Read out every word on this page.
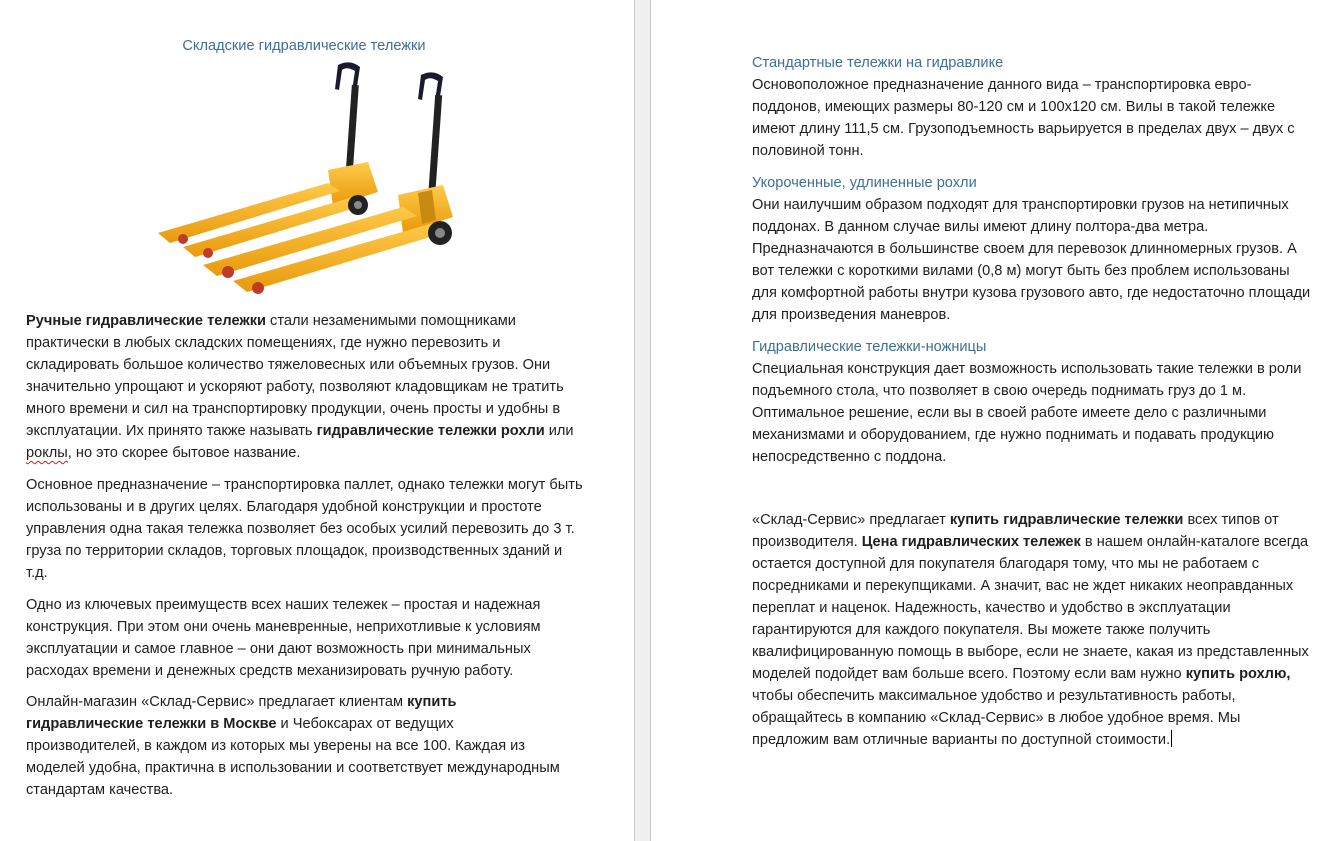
Складские гидравлические тележки

Ручные гидравлические тележки стали незаменимыми помощниками практически в любых складских помещениях, где нужно перевозить и складировать большое количество тяжеловесных или объемных грузов. Они значительно упрощают и ускоряют работу, позволяют кладовщикам не тратить много времени и сил на транспортировку продукции, очень просты и удобны в эксплуатации. Их принято также называть гидравлические тележки рохли или роклы, но это скорее бытовое название.

Основное предназначение – транспортировка паллет, однако тележки могут быть использованы и в других целях. Благодаря удобной конструкции и простоте управления одна такая тележка позволяет без особых усилий перевозить до 3 т. груза по территории складов, торговых площадок, производственных зданий и т.д.

Одно из ключевых преимуществ всех наших тележек – простая и надежная конструкция. При этом они очень маневренные, неприхотливые к условиям эксплуатации и самое главное – они дают возможность при минимальных расходах времени и денежных средств механизировать ручную работу.

Онлайн-магазин «Склад-Сервис» предлагает клиентам купить гидравлические тележки в Москве и Чебоксарах от ведущих производителей, в каждом из которых мы уверены на все 100. Каждая из моделей удобна, практична в использовании и соответствует международным стандартам качества.

Стандартные тележки на гидравлике

Основоположное предназначение данного вида – транспортировка евро-поддонов, имеющих размеры 80-120 см и 100х120 см. Вилы в такой тележке имеют длину 111,5 см. Грузоподъемность варьируется в пределах двух – двух с половиной тонн.

Укороченные, удлиненные рохли

Они наилучшим образом подходят для транспортировки грузов на нетипичных поддонах. В данном случае вилы имеют длину полтора-два метра. Предназначаются в большинстве своем для перевозок длинномерных грузов. А вот тележки с короткими вилами (0,8 м) могут быть без проблем использованы для комфортной работы внутри кузова грузового авто, где недостаточно площади для произведения маневров.

Гидравлические тележки-ножницы

Специальная конструкция дает возможность использовать такие тележки в роли подъемного стола, что позволяет в свою очередь поднимать груз до 1 м. Оптимальное решение, если вы в своей работе имеете дело с различными механизмами и оборудованием, где нужно поднимать и подавать продукцию непосредственно с поддона.

«Склад-Сервис» предлагает купить гидравлические тележки всех типов от производителя. Цена гидравлических тележек в нашем онлайн-каталоге всегда остается доступной для покупателя благодаря тому, что мы не работаем с посредниками и перекупщиками. А значит, вас не ждет никаких неоправданных переплат и наценок. Надежность, качество и удобство в эксплуатации гарантируются для каждого покупателя. Вы можете также получить квалифицированную помощь в выборе, если не знаете, какая из представленных моделей подойдет вам больше всего. Поэтому если вам нужно купить рохлю, чтобы обеспечить максимальное удобство и результативность работы, обращайтесь в компанию «Склад-Сервис» в любое удобное время. Мы предложим вам отличные варианты по доступной стоимости.
